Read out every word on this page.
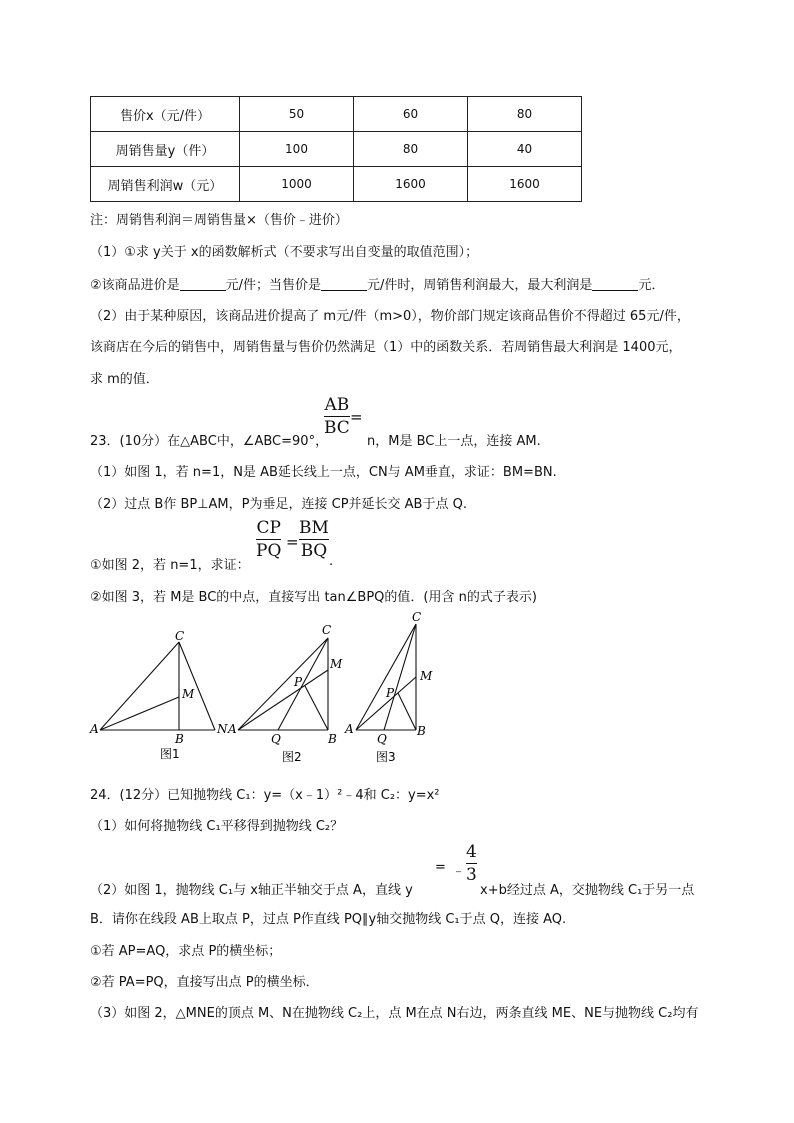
售价x（元/件）	50	60	80
周销售量y（件）	100	80	40
周销售利润w（元）	1000	1600	1600
注：周销售利润＝周销售量×（售价﹣进价）
（1）①求 y关于 x的函数解析式（不要求写出自变量的取值范围）；
②该商品进价是	元/件；当售价是	元/件时，周销售利润最大，最大利润是	元．
（2）由于某种原因，该商品进价提高了 m元/件（m>0），物价部门规定该商品售价不得超过 65元/件，
该商店在今后的销售中，周销售量与售价仍然满足（1）中的函数关系．若周销售最大利润是 1400元，
求 m的值．
23．(10分）在△ABC中，∠ABC=90°，
AB
BC
=
n，M是 BC上一点，连接 AM.
（1）如图 1，若 n=1，N是 AB延长线上一点，CN与 AM垂直，求证：BM=BN.
（2）过点 B作 BP⊥AM，P为垂足，连接 CP并延长交 AB于点 Q.
①如图 2，若 n=1，求证：
CP
PQ =
BM
BQ
.
②如图 3，若 M是 BC的中点，直接写出 tan∠BPQ的值．(用含 n的式子表示)
A
B
C
M
N
图1
A
Q	B
C
M
P
图2
A
Q
B
C
M
P
图3
24．(12分）已知抛物线 C₁：y=（x﹣1）²﹣4和 C₂：y=x²
（1）如何将抛物线 C₁平移得到抛物线 C₂？
（2）如图 1，抛物线 C₁与 x轴正半轴交于点 A，直线 y
= ﹣
4
3
x+b经过点 A，交抛物线 C₁于另一点
B．请你在线段 AB上取点 P，过点 P作直线 PQ∥y轴交抛物线 C₁于点 Q，连接 AQ.
①若 AP=AQ，求点 P的横坐标；
②若 PA=PQ，直接写出点 P的横坐标．
（3）如图 2，△MNE的顶点 M、N在抛物线 C₂上，点 M在点 N右边，两条直线 ME、NE与抛物线 C₂均有
